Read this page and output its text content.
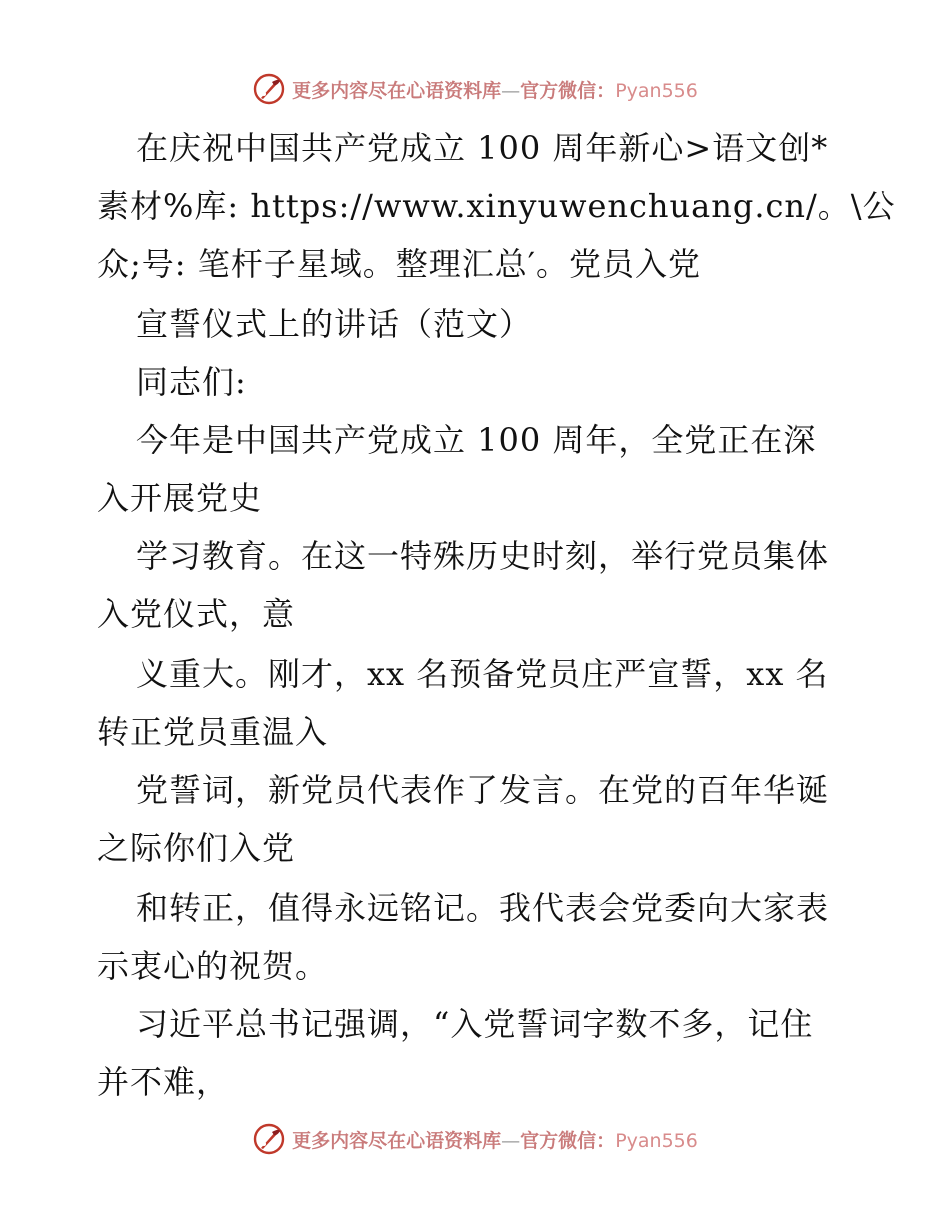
更多内容尽在心语资料库—官方微信：Pyan556
在庆祝中国共产党成立 100 周年新心>语文创*
素材%库: https://www.xinyuwenchuang.cn/。\公
众;号: 笔杆子星域。整理汇总′。党员入党
宣誓仪式上的讲话（范文）
同志们:
今年是中国共产党成立 100 周年，全党正在深
入开展党史
学习教育。在这一特殊历史时刻，举行党员集体
入党仪式，意
义重大。刚才，xx 名预备党员庄严宣誓，xx 名
转正党员重温入
党誓词，新党员代表作了发言。在党的百年华诞
之际你们入党
和转正，值得永远铭记。我代表会党委向大家表
示衷心的祝贺。
习近平总书记强调，“入党誓词字数不多，记住
并不难，
更多内容尽在心语资料库—官方微信：Pyan556
